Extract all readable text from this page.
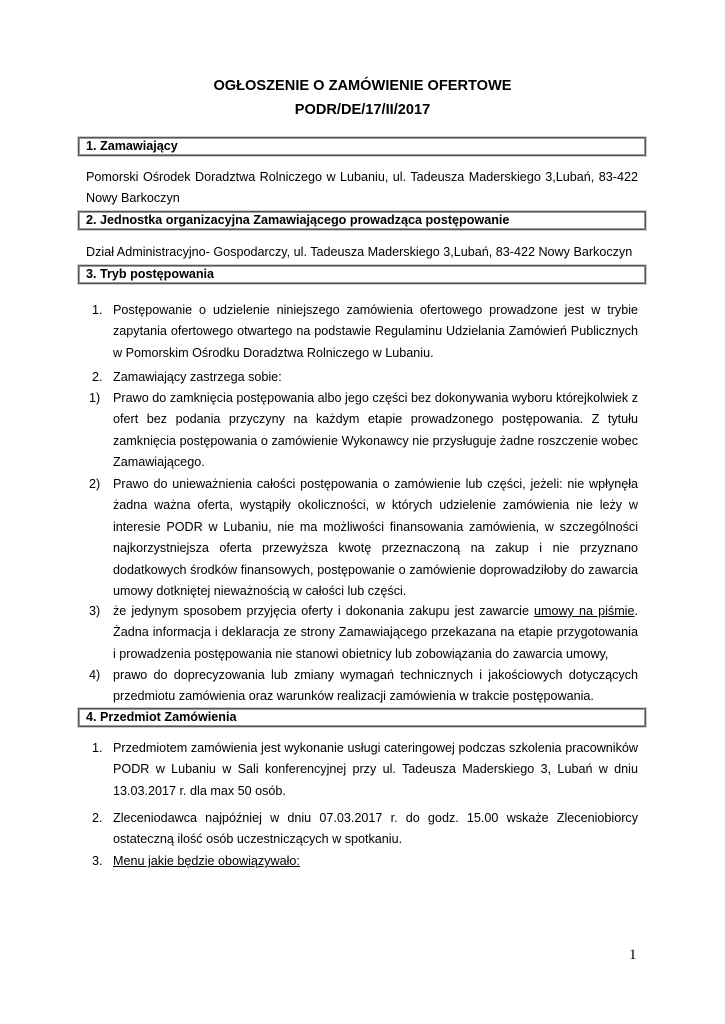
OGŁOSZENIE O ZAMÓWIENIE OFERTOWE
PODR/DE/17/II/2017
1. Zamawiający
Pomorski Ośrodek Doradztwa Rolniczego w Lubaniu, ul. Tadeusza Maderskiego 3,Lubań, 83-422 Nowy Barkoczyn
2. Jednostka organizacyjna Zamawiającego prowadząca postępowanie
Dział Administracyjno- Gospodarczy, ul. Tadeusza Maderskiego 3,Lubań, 83-422 Nowy Barkoczyn
3. Tryb postępowania
1. Postępowanie o udzielenie niniejszego zamówienia ofertowego prowadzone jest w trybie zapytania ofertowego otwartego na podstawie Regulaminu Udzielania Zamówień Publicznych w Pomorskim Ośrodku Doradztwa Rolniczego w Lubaniu.
2. Zamawiający zastrzega sobie:
1) Prawo do zamknięcia postępowania albo jego części bez dokonywania wyboru którejkolwiek z ofert bez podania przyczyny na każdym etapie prowadzonego postępowania. Z tytułu zamknięcia postępowania o zamówienie Wykonawcy nie przysługuje żadne roszczenie wobec Zamawiającego.
2) Prawo do unieważnienia całości postępowania o zamówienie lub części, jeżeli: nie wpłynęła żadna ważna oferta, wystąpiły okoliczności, w których udzielenie zamówienia nie leży w interesie PODR w Lubaniu, nie ma możliwości finansowania zamówienia, w szczególności najkorzystniejsza oferta przewyższa kwotę przeznaczoną na zakup i nie przyznano dodatkowych środków finansowych, postępowanie o zamówienie doprowadziłoby do zawarcia umowy dotkniętej nieważnością w całości lub części.
3) że jedynym sposobem przyjęcia oferty i dokonania zakupu jest zawarcie umowy na piśmie. Żadna informacja i deklaracja ze strony Zamawiającego przekazana na etapie przygotowania i prowadzenia postępowania nie stanowi obietnicy lub zobowiązania do zawarcia umowy,
4) prawo do doprecyzowania lub zmiany wymagań technicznych i jakościowych dotyczących przedmiotu zamówienia oraz warunków realizacji zamówienia w trakcie postępowania.
4. Przedmiot Zamówienia
1. Przedmiotem zamówienia jest wykonanie usługi cateringowej podczas szkolenia pracowników PODR w Lubaniu w Sali konferencyjnej przy ul. Tadeusza Maderskiego 3, Lubań w dniu 13.03.2017 r. dla max 50 osób.
2. Zleceniodawca najpóźniej w dniu 07.03.2017 r. do godz. 15.00 wskaże Zleceniobiorcy ostateczną ilość osób uczestniczących w spotkaniu.
3. Menu jakie będzie obowiązywało:
1
